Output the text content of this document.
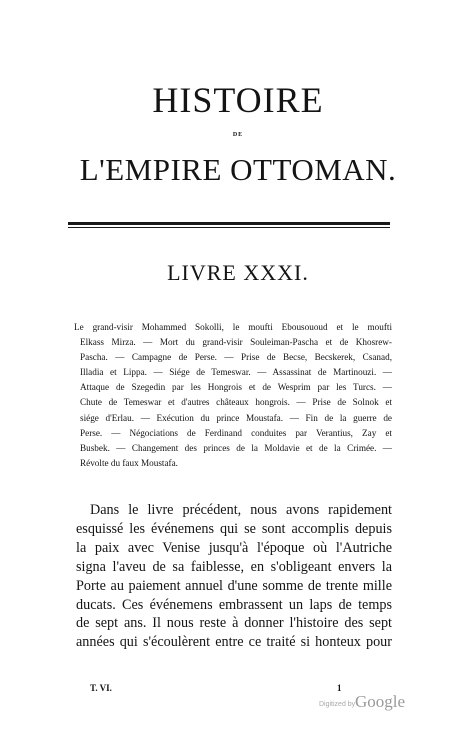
HISTOIRE
DE
L'EMPIRE OTTOMAN.
LIVRE XXXI.
Le grand-visir Mohammed Sokolli, le moufti Ebousououd et le moufti
Elkass Mirza. — Mort du grand-visir Souleiman-Pascha et de Khosrew-
Pascha. — Campagne de Perse. — Prise de Becse, Becskerek, Csanad,
Illadia et Lippa. — Siége de Temeswar. — Assassinat de Martinouzi. —
Attaque de Szegedin par les Hongrois et de Wesprim par les Turcs. —
Chute de Temeswar et d'autres châteaux hongrois. — Prise de Solnok et
siége d'Erlau. — Exécution du prince Moustafa. — Fin de la guerre de
Perse. — Négociations de Ferdinand conduites par Verantius, Zay et
Busbek. — Changement des princes de la Moldavie et de la Crimée. —
Révolte du faux Moustafa.
Dans le livre précédent, nous avons rapidement
esquissé les événemens qui se sont accomplis depuis
la paix avec Venise jusqu'à l'époque où l'Autriche
signa l'aveu de sa faiblesse, en s'obligeant envers la
Porte au paiement annuel d'une somme de trente mille
ducats. Ces événemens embrassent un laps de temps
de sept ans. Il nous reste à donner l'histoire des sept
années qui s'écoulèrent entre ce traité si honteux pour
T. VI.	1
Digitized by Google
